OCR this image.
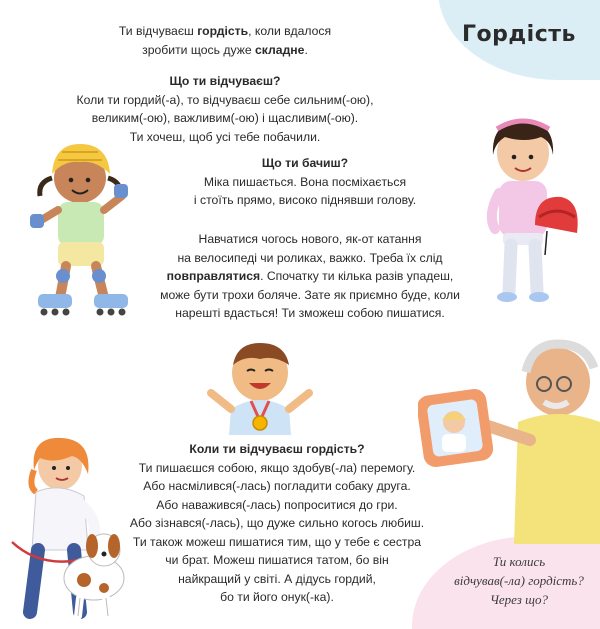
Гордість
Ти відчуваєш гордість, коли вдалося
зробити щось дуже складне.
Що ти відчуваєш?
Коли ти гордий(-а), то відчуваєш себе сильним(-ою),
великим(-ою), важливим(-ою) і щасливим(-ою).
Ти хочеш, щоб усі тебе побачили.
Що ти бачиш?
Міка пишається. Вона посміхається
і стоїть прямо, високо піднявши голову.
Навчатися чогось нового, як-от катання
на велосипеді чи роликах, важко. Треба їх слід
повправлятися. Спочатку ти кілька разів упадеш,
може бути трохи боляче. Зате як приємно буде, коли
нарешті вдасться! Ти зможеш собою пишатися.
Коли ти відчуваєш гордість?
Ти пишаєшся собою, якщо здобув(-ла) перемогу.
Або насмілився(-лась) погладити собаку друга.
Або наважився(-лась) попроситися до гри.
Або зізнався(-лась), що дуже сильно когось любиш.
Ти також можеш пишатися тим, що у тебе є сестра
чи брат. Можеш пишатися татом, бо він
найкращий у світі. А дідусь гордий,
бо ти його онук(-ка).
Ти колись
відчував(-ла) гордість?
Через що?
